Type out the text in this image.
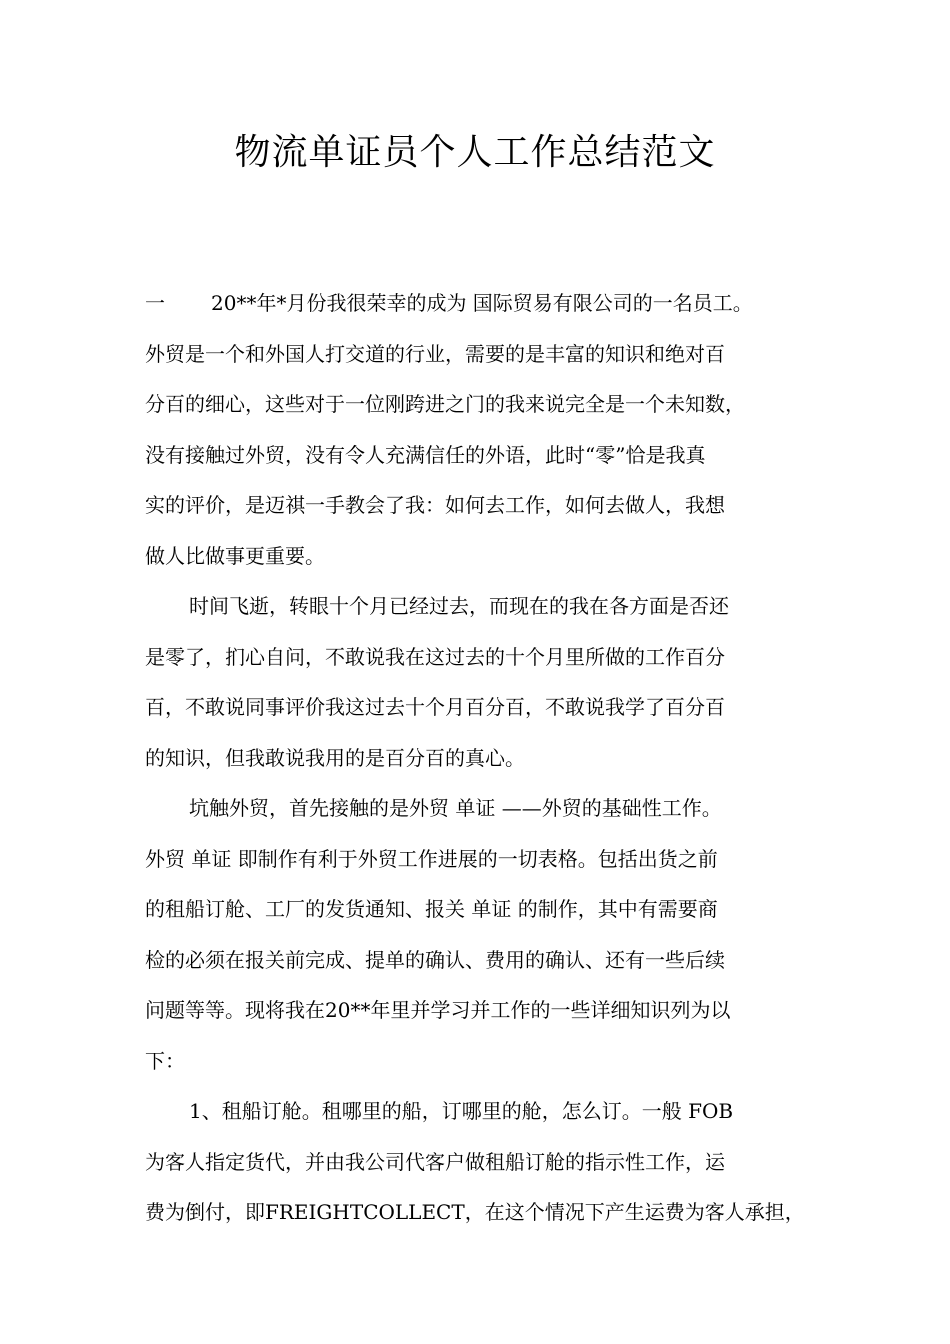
物流单证员个人工作总结范文
一 20**年*月份我很荣幸的成为 国际贸易有限公司的一名员工。
外贸是一个和外国人打交道的行业，需要的是丰富的知识和绝对百
分百的细心，这些对于一位刚跨进之门的我来说完全是一个未知数，
没有接触过外贸，没有令人充满信任的外语，此时“零”恰是我真
实的评价，是迈祺一手教会了我：如何去工作，如何去做人，我想
做人比做事更重要。
时间飞逝，转眼十个月已经过去，而现在的我在各方面是否还
是零了，扪心自问，不敢说我在这过去的十个月里所做的工作百分
百，不敢说同事评价我这过去十个月百分百，不敢说我学了百分百
的知识，但我敢说我用的是百分百的真心。
坑触外贸，首先接触的是外贸 单证 ——外贸的基础性工作。
外贸 单证 即制作有利于外贸工作进展的一切表格。包括出货之前
的租船订舱、工厂的发货通知、报关 单证 的制作，其中有需要商
检的必须在报关前完成、提单的确认、费用的确认、还有一些后续
问题等等。现将我在20**年里并学习并工作的一些详细知识列为以
下：
1、租船订舱。租哪里的船，订哪里的舱，怎么订。一般 FOB
为客人指定货代，并由我公司代客户做租船订舱的指示性工作，运
费为倒付，即FREIGHTCOLLECT，在这个情况下产生运费为客人承担，
